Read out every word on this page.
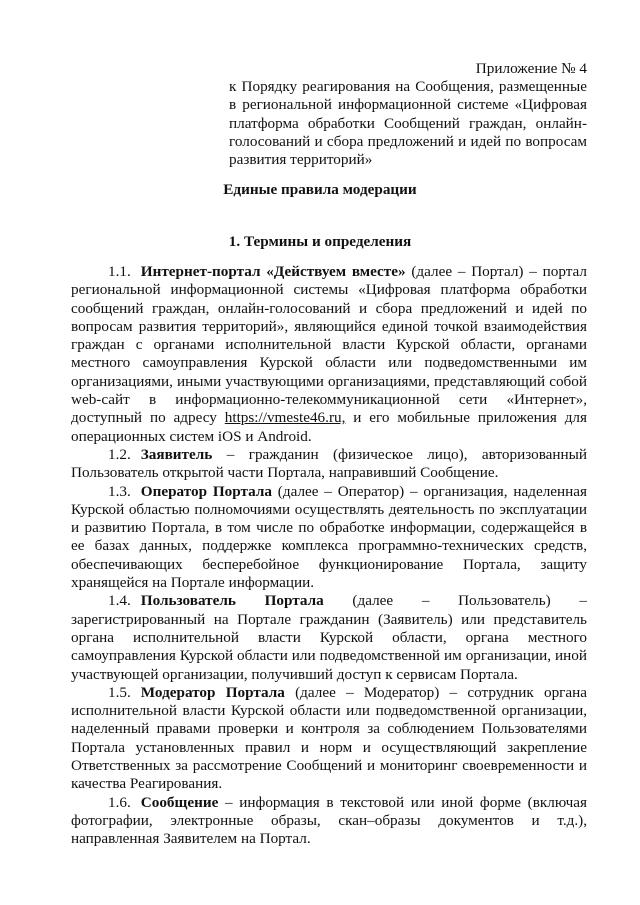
Приложение № 4
к Порядку реагирования на Сообщения, размещенные в региональной информационной системе «Цифровая платформа обработки Сообщений граждан, онлайн-голосований и сбора предложений и идей по вопросам развития территорий»
Единые правила модерации
1. Термины и определения

1.1. Интернет-портал «Действуем вместе» (далее – Портал) – портал региональной информационной системы «Цифровая платформа обработки сообщений граждан, онлайн-голосований и сбора предложений и идей по вопросам развития территорий», являющийся единой точкой взаимодействия граждан с органами исполнительной власти Курской области, органами местного самоуправления Курской области или подведомственными им организациями, иными участвующими организациями, представляющий собой web-сайт в информационно-телекоммуникационной сети «Интернет», доступный по адресу https://vmeste46.ru, и его мобильные приложения для операционных систем iOS и Android.

1.2. Заявитель – гражданин (физическое лицо), авторизованный Пользователь открытой части Портала, направивший Сообщение.

1.3. Оператор Портала (далее – Оператор) – организация, наделенная Курской областью полномочиями осуществлять деятельность по эксплуатации и развитию Портала, в том числе по обработке информации, содержащейся в ее базах данных, поддержке комплекса программно-технических средств, обеспечивающих бесперебойное функционирование Портала, защиту хранящейся на Портале информации.

1.4. Пользователь Портала (далее – Пользователь) – зарегистрированный на Портале гражданин (Заявитель) или представитель органа исполнительной власти Курской области, органа местного самоуправления Курской области или подведомственной им организации, иной участвующей организации, получивший доступ к сервисам Портала.

1.5. Модератор Портала (далее – Модератор) – сотрудник органа исполнительной власти Курской области или подведомственной организации, наделенный правами проверки и контроля за соблюдением Пользователями Портала установленных правил и норм и осуществляющий закрепление Ответственных за рассмотрение Сообщений и мониторинг своевременности и качества Реагирования.

1.6. Сообщение – информация в текстовой или иной форме (включая фотографии, электронные образы, скан–образы документов и т.д.), направленная Заявителем на Портал.
